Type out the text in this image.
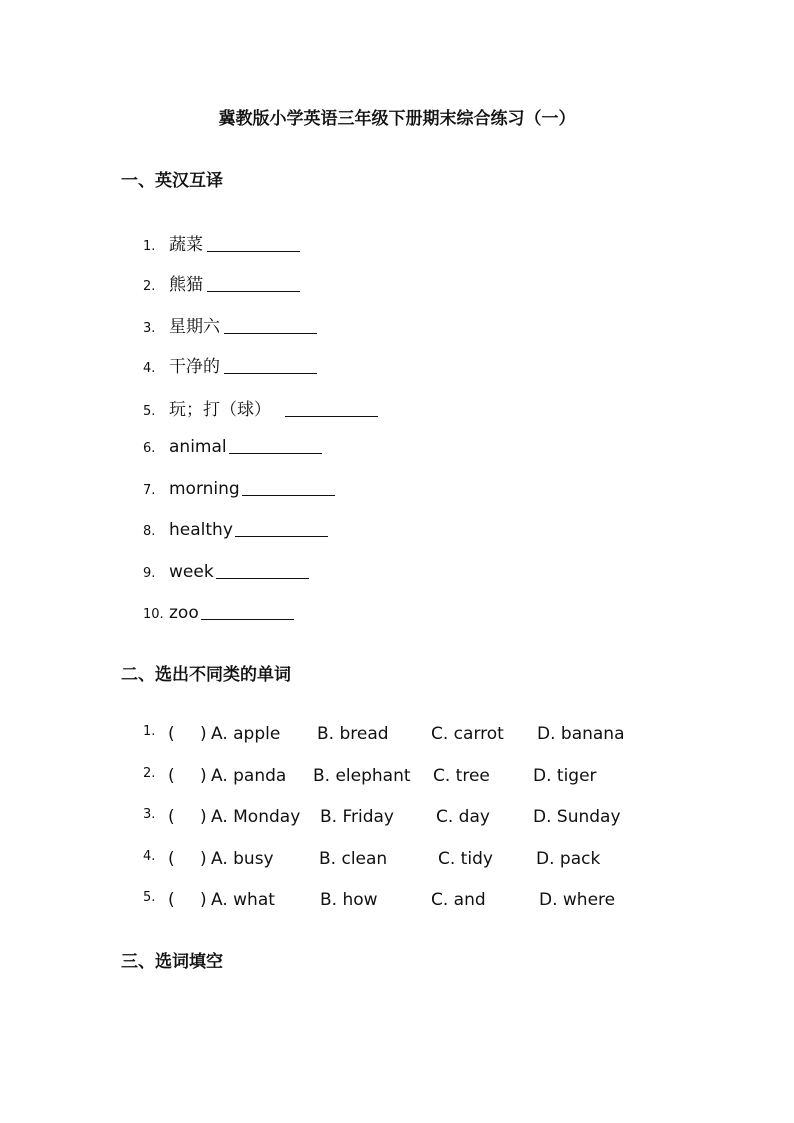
冀教版小学英语三年级下册期末综合练习（一）
一、英汉互译
1. 蔬菜
2. 熊猫
3. 星期六
4. 干净的
5. 玩；打（球）
6. animal
7. morning
8. healthy
9. week
10. zoo
二、选出不同类的单词
1. ( ) A. apple B. bread C. carrot D. banana
2. ( ) A. panda B. elephant C. tree	D. tiger
3. ( ) A. Monday B. Friday C. day	D. Sunday
4. ( ) A. busy	B. clean	C. tidy	D. pack
5. ( ) A. what	B. how	C. and	D. where
三、选词填空
